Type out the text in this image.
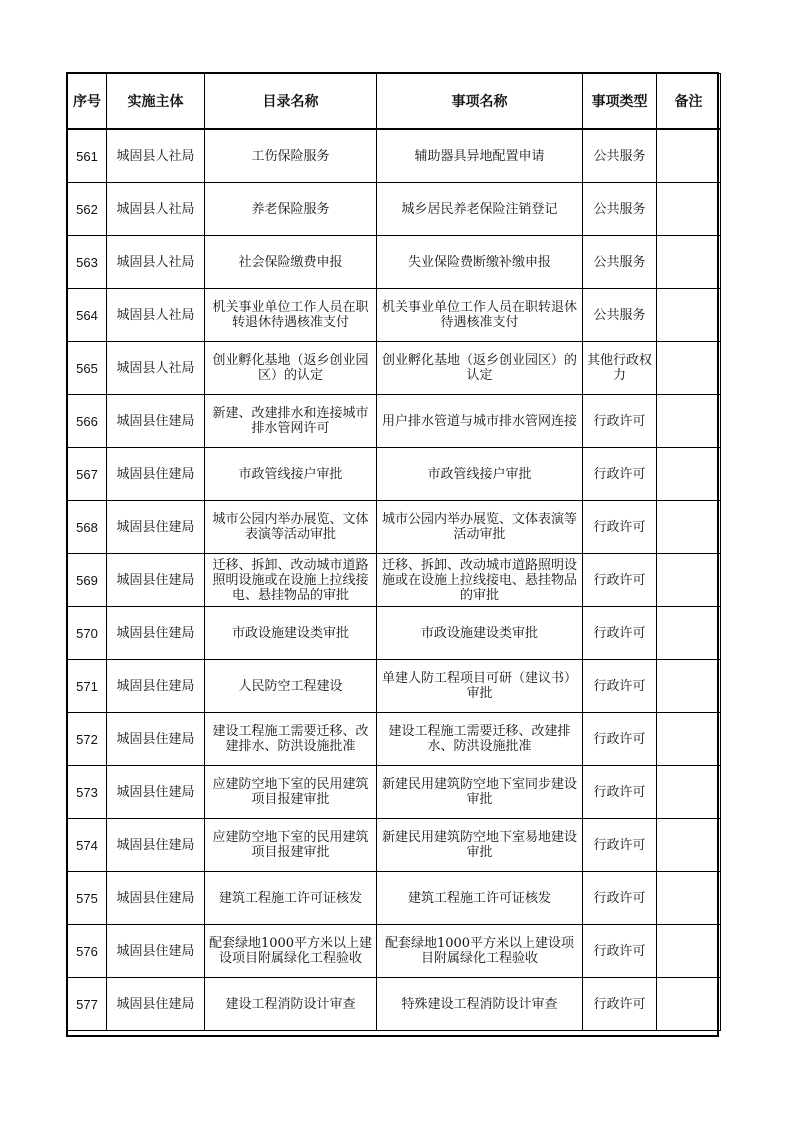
序号	实施主体	目录名称	事项名称	事项类型	备注
561	城固县人社局	工伤保险服务	辅助器具异地配置申请	公共服务	
562	城固县人社局	养老保险服务	城乡居民养老保险注销登记	公共服务	
563	城固县人社局	社会保险缴费申报	失业保险费断缴补缴申报	公共服务	
564	城固县人社局	机关事业单位工作人员在职转退休待遇核准支付	机关事业单位工作人员在职转退休待遇核准支付	公共服务	
565	城固县人社局	创业孵化基地（返乡创业园区）的认定	创业孵化基地（返乡创业园区）的认定	其他行政权力	
566	城固县住建局	新建、改建排水和连接城市排水管网许可	用户排水管道与城市排水管网连接	行政许可	
567	城固县住建局	市政管线接户审批	市政管线接户审批	行政许可	
568	城固县住建局	城市公园内举办展览、文体表演等活动审批	城市公园内举办展览、文体表演等活动审批	行政许可	
569	城固县住建局	迁移、拆卸、改动城市道路照明设施或在设施上拉线接电、悬挂物品的审批	迁移、拆卸、改动城市道路照明设施或在设施上拉线接电、悬挂物品的审批	行政许可	
570	城固县住建局	市政设施建设类审批	市政设施建设类审批	行政许可	
571	城固县住建局	人民防空工程建设	单建人防工程项目可研（建议书）审批	行政许可	
572	城固县住建局	建设工程施工需要迁移、改建排水、防洪设施批准	建设工程施工需要迁移、改建排水、防洪设施批准	行政许可	
573	城固县住建局	应建防空地下室的民用建筑项目报建审批	新建民用建筑防空地下室同步建设审批	行政许可	
574	城固县住建局	应建防空地下室的民用建筑项目报建审批	新建民用建筑防空地下室易地建设审批	行政许可	
575	城固县住建局	建筑工程施工许可证核发	建筑工程施工许可证核发	行政许可	
576	城固县住建局	配套绿地1000平方米以上建设项目附属绿化工程验收	配套绿地1000平方米以上建设项目附属绿化工程验收	行政许可	
577	城固县住建局	建设工程消防设计审查	特殊建设工程消防设计审查	行政许可	
